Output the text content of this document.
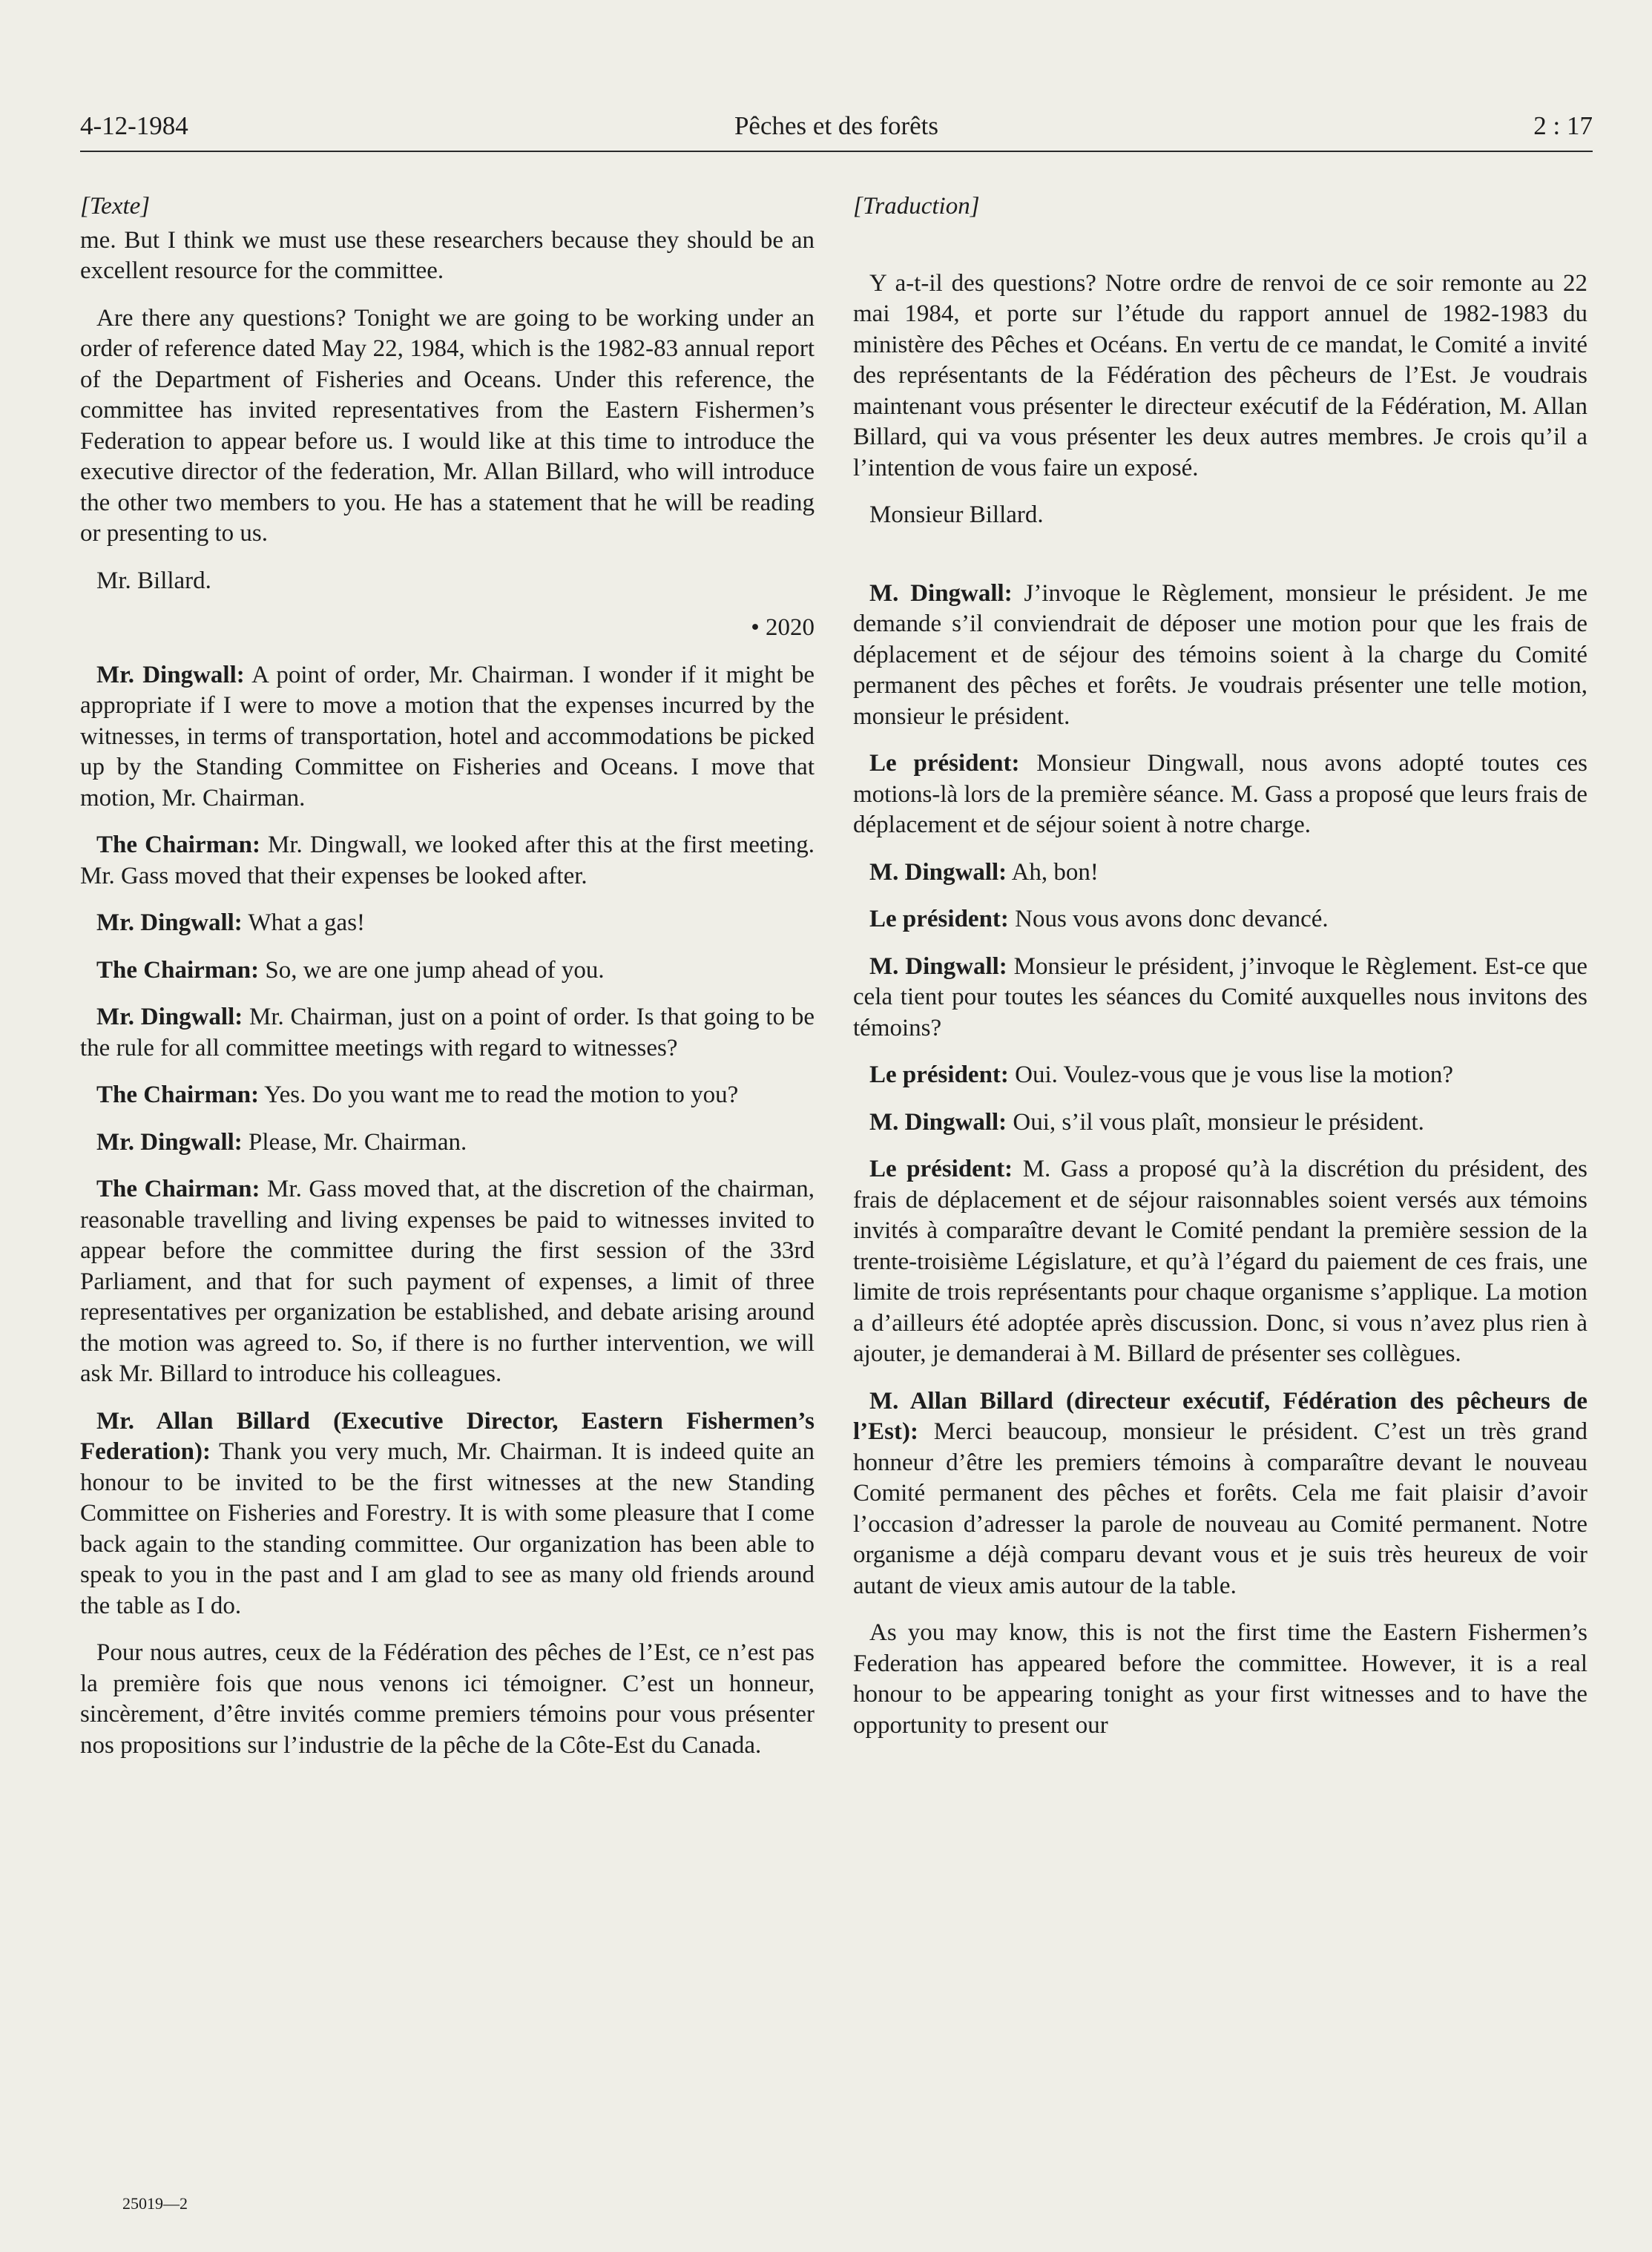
4-12-1984	Pêches et des forêts	2 : 17
[Texte]

me. But I think we must use these researchers because they should be an excellent resource for the committee.

Are there any questions? Tonight we are going to be working under an order of reference dated May 22, 1984, which is the 1982-83 annual report of the Department of Fisheries and Oceans. Under this reference, the committee has invited representatives from the Eastern Fishermen’s Federation to appear before us. I would like at this time to introduce the executive director of the federation, Mr. Allan Billard, who will introduce the other two members to you. He has a statement that he will be reading or presenting to us.

Mr. Billard.

• 2020

Mr. Dingwall: A point of order, Mr. Chairman. I wonder if it might be appropriate if I were to move a motion that the expenses incurred by the witnesses, in terms of transportation, hotel and accommodations be picked up by the Standing Committee on Fisheries and Oceans. I move that motion, Mr. Chairman.

The Chairman: Mr. Dingwall, we looked after this at the first meeting. Mr. Gass moved that their expenses be looked after.

Mr. Dingwall: What a gas!

The Chairman: So, we are one jump ahead of you.

Mr. Dingwall: Mr. Chairman, just on a point of order. Is that going to be the rule for all committee meetings with regard to witnesses?

The Chairman: Yes. Do you want me to read the motion to you?

Mr. Dingwall: Please, Mr. Chairman.

The Chairman: Mr. Gass moved that, at the discretion of the chairman, reasonable travelling and living expenses be paid to witnesses invited to appear before the committee during the first session of the 33rd Parliament, and that for such payment of expenses, a limit of three representatives per organization be established, and debate arising around the motion was agreed to. So, if there is no further intervention, we will ask Mr. Billard to introduce his colleagues.

Mr. Allan Billard (Executive Director, Eastern Fishermen’s Federation): Thank you very much, Mr. Chairman. It is indeed quite an honour to be invited to be the first witnesses at the new Standing Committee on Fisheries and Forestry. It is with some pleasure that I come back again to the standing committee. Our organization has been able to speak to you in the past and I am glad to see as many old friends around the table as I do.

Pour nous autres, ceux de la Fédération des pêches de l’Est, ce n’est pas la première fois que nous venons ici témoigner. C’est un honneur, sincèrement, d’être invités comme premiers témoins pour vous présenter nos propositions sur l’industrie de la pêche de la Côte-Est du Canada.

[Traduction]

Y a-t-il des questions? Notre ordre de renvoi de ce soir remonte au 22 mai 1984, et porte sur l’étude du rapport annuel de 1982-1983 du ministère des Pêches et Océans. En vertu de ce mandat, le Comité a invité des représentants de la Fédération des pêcheurs de l’Est. Je voudrais maintenant vous présenter le directeur exécutif de la Fédération, M. Allan Billard, qui va vous présenter les deux autres membres. Je crois qu’il a l’intention de vous faire un exposé.

Monsieur Billard.

M. Dingwall: J’invoque le Règlement, monsieur le président. Je me demande s’il conviendrait de déposer une motion pour que les frais de déplacement et de séjour des témoins soient à la charge du Comité permanent des pêches et forêts. Je voudrais présenter une telle motion, monsieur le président.

Le président: Monsieur Dingwall, nous avons adopté toutes ces motions-là lors de la première séance. M. Gass a proposé que leurs frais de déplacement et de séjour soient à notre charge.

M. Dingwall: Ah, bon!

Le président: Nous vous avons donc devancé.

M. Dingwall: Monsieur le président, j’invoque le Règlement. Est-ce que cela tient pour toutes les séances du Comité auxquelles nous invitons des témoins?

Le président: Oui. Voulez-vous que je vous lise la motion?

M. Dingwall: Oui, s’il vous plaît, monsieur le président.

Le président: M. Gass a proposé qu’à la discrétion du président, des frais de déplacement et de séjour raisonnables soient versés aux témoins invités à comparaître devant le Comité pendant la première session de la trente-troisième Législature, et qu’à l’égard du paiement de ces frais, une limite de trois représentants pour chaque organisme s’applique. La motion a d’ailleurs été adoptée après discussion. Donc, si vous n’avez plus rien à ajouter, je demanderai à M. Billard de présenter ses collègues.

M. Allan Billard (directeur exécutif, Fédération des pêcheurs de l’Est): Merci beaucoup, monsieur le président. C’est un très grand honneur d’être les premiers témoins à comparaître devant le nouveau Comité permanent des pêches et forêts. Cela me fait plaisir d’avoir l’occasion d’adresser la parole de nouveau au Comité permanent. Notre organisme a déjà comparu devant vous et je suis très heureux de voir autant de vieux amis autour de la table.

As you may know, this is not the first time the Eastern Fishermen’s Federation has appeared before the committee. However, it is a real honour to be appearing tonight as your first witnesses and to have the opportunity to present our

25019—2
